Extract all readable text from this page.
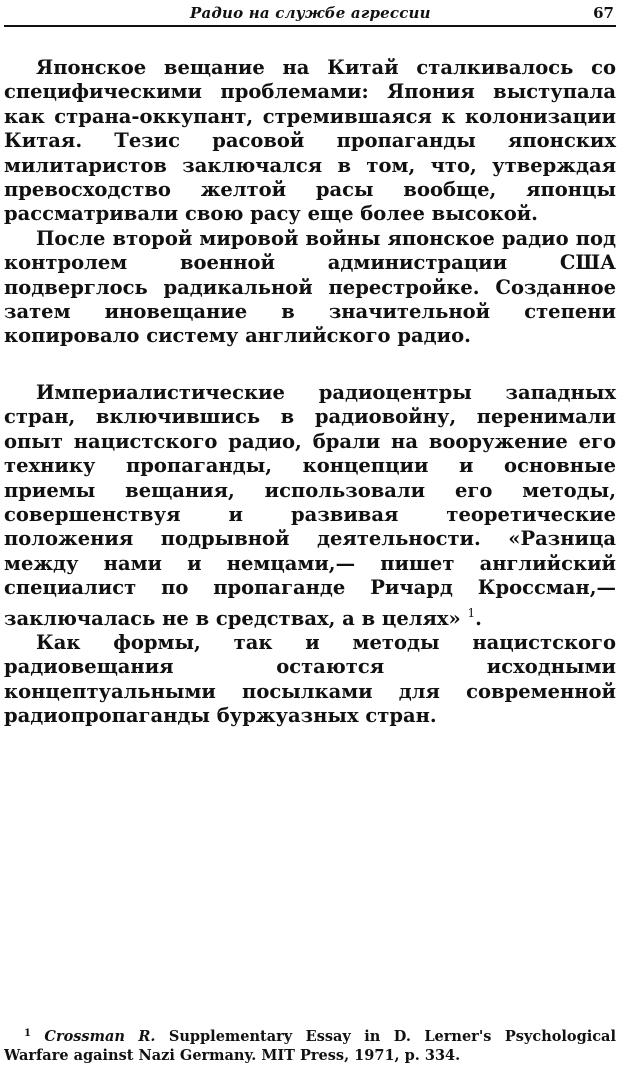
Радио на службе агрессии	67

Японское вещание на Китай сталкивалось со специфическими проблемами: Япония выступала как страна-оккупант, стремившаяся к колонизации Китая. Тезис расовой пропаганды японских милитаристов заключался в том, что, утверждая превосходство желтой расы вообще, японцы рассматривали свою расу еще более высокой.

После второй мировой войны японское радио под контролем военной администрации США подверглось радикальной перестройке. Созданное затем иновещание в значительной степени копировало систему английского радио.

Империалистические радиоцентры западных стран, включившись в радиовойну, перенимали опыт нацистского радио, брали на вооружение его технику пропаганды, концепции и основные приемы вещания, использовали его методы, совершенствуя и развивая теоретические положения подрывной деятельности. «Разница между нами и немцами,— пишет английский специалист по пропаганде Ричард Кроссман,— заключалась не в средствах, а в целях» $^1$.

Как формы, так и методы нацистского радиовещания остаются исходными концептуальными посылками для современной радиопропаганды буржуазных стран.

$^1$ Crossman R. Supplementary Essay in D. Lerner's Psychological Warfare against Nazi Germany. MIT Press, 1971, p. 334.
